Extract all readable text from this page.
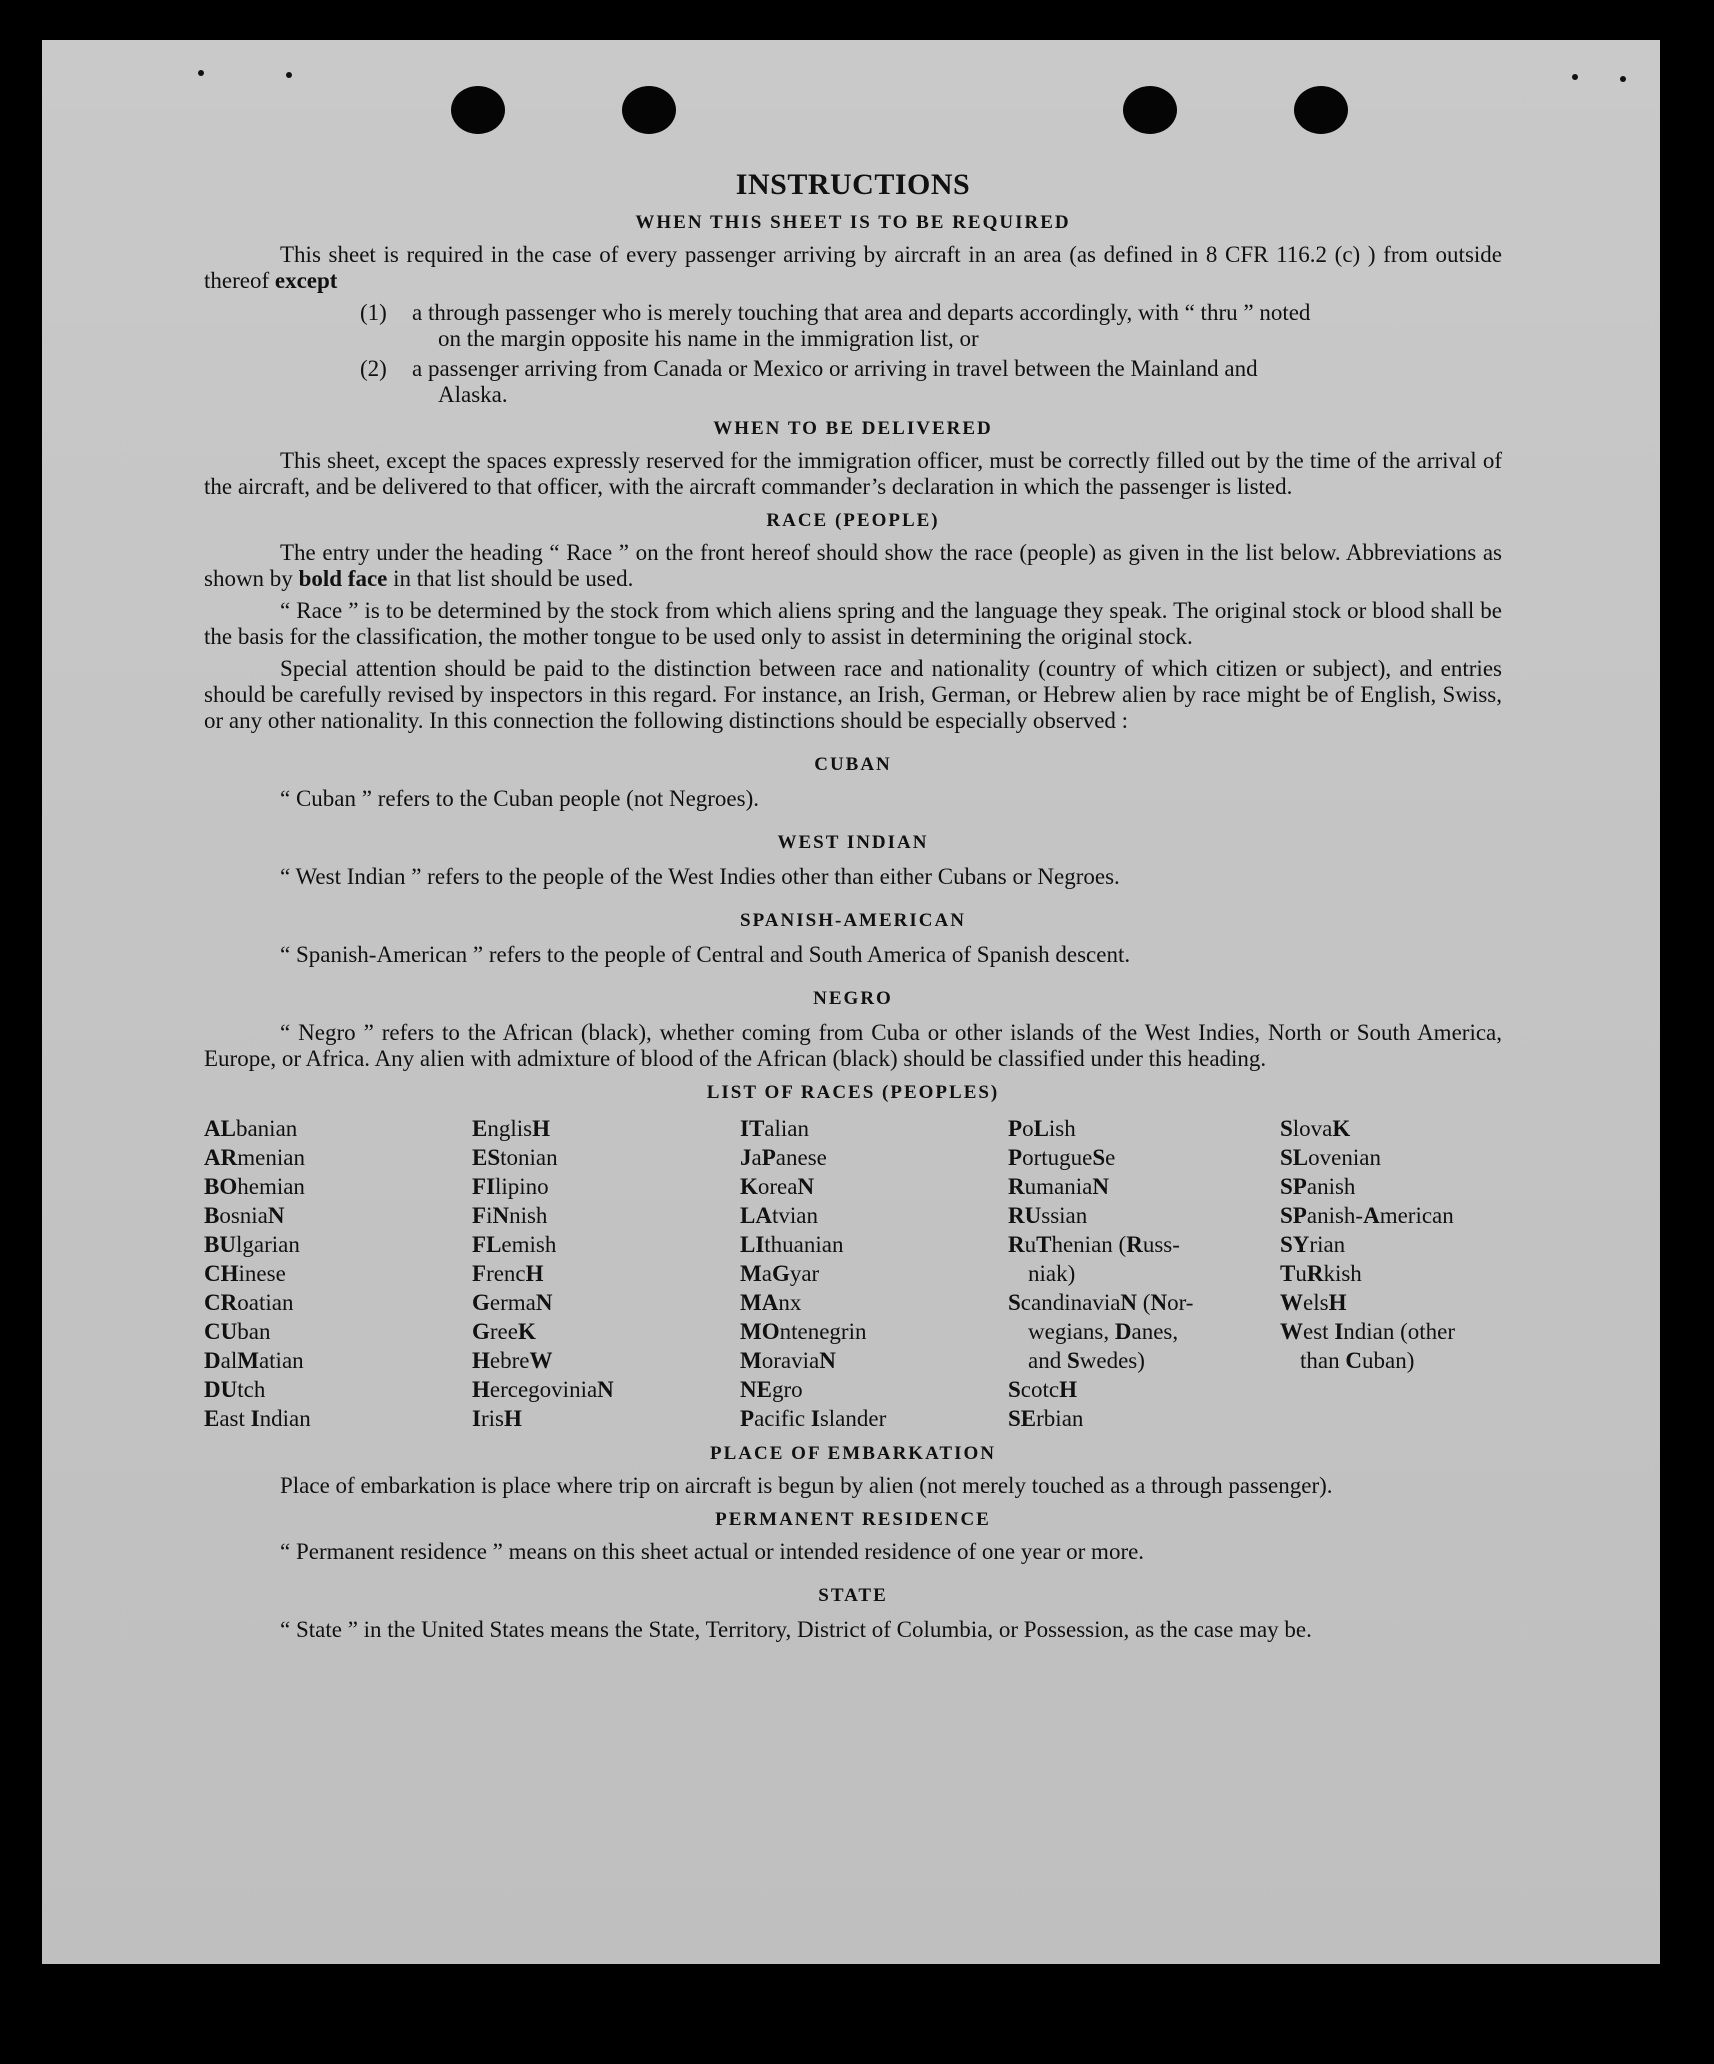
INSTRUCTIONS
WHEN THIS SHEET IS TO BE REQUIRED

This sheet is required in the case of every passenger arriving by aircraft in an area (as defined in 8 CFR 116.2 (c) ) from outside thereof except

(1)	a through passenger who is merely touching that area and departs accordingly, with “ thru ” noted
on the margin opposite his name in the immigration list, or
(2)	a passenger arriving from Canada or Mexico or arriving in travel between the Mainland and
Alaska.
WHEN TO BE DELIVERED

This sheet, except the spaces expressly reserved for the immigration officer, must be correctly filled out by the time of the arrival of the aircraft, and be delivered to that officer, with the aircraft commander’s declaration in which the passenger is listed.

RACE (PEOPLE)

The entry under the heading “ Race ” on the front hereof should show the race (people) as given in the list below. Abbreviations as shown by bold face in that list should be used.

“ Race ” is to be determined by the stock from which aliens spring and the language they speak. The original stock or blood shall be the basis for the classification, the mother tongue to be used only to assist in determining the original stock.

Special attention should be paid to the distinction between race and nationality (country of which citizen or subject), and entries should be carefully revised by inspectors in this regard. For instance, an Irish, German, or Hebrew alien by race might be of English, Swiss, or any other nationality. In this connection the following distinctions should be especially observed :

CUBAN

“ Cuban ” refers to the Cuban people (not Negroes).

WEST INDIAN

“ West Indian ” refers to the people of the West Indies other than either Cubans or Negroes.

SPANISH-AMERICAN

“ Spanish-American ” refers to the people of Central and South America of Spanish descent.

NEGRO

“ Negro ” refers to the African (black), whether coming from Cuba or other islands of the West Indies, North or South America, Europe, or Africa. Any alien with admixture of blood of the African (black) should be classified under this heading.

LIST OF RACES (PEOPLES)
ALbanian
ARmenian
BOhemian
BosniaN
BUlgarian
CHinese
CRoatian
CUban
DalMatian
DUtch
East Indian
EnglisH
EStonian
FIlipino
FiNnish
FLemish
FrencH
GermaN
GreeK
HebreW
HercegoviniaN
IrisH
ITalian
JaPanese
KoreaN
LAtvian
LIthuanian
MaGyar
MAnx
MOntenegrin
MoraviaN
NEgro
Pacific Islander
PoLish
PortugueSe
RumaniaN
RUssian
RuThenian (Russ-
niak)
ScandinaviaN (Nor-
wegians, Danes,
and Swedes)
ScotcH
SErbian
SlovaK
SLovenian
SPanish
SPanish-American
SYrian
TuRkish
WelsH
West Indian (other
than Cuban)
PLACE OF EMBARKATION

Place of embarkation is place where trip on aircraft is begun by alien (not merely touched as a through passenger).

PERMANENT RESIDENCE

“ Permanent residence ” means on this sheet actual or intended residence of one year or more.

STATE

“ State ” in the United States means the State, Territory, District of Columbia, or Possession, as the case may be.
